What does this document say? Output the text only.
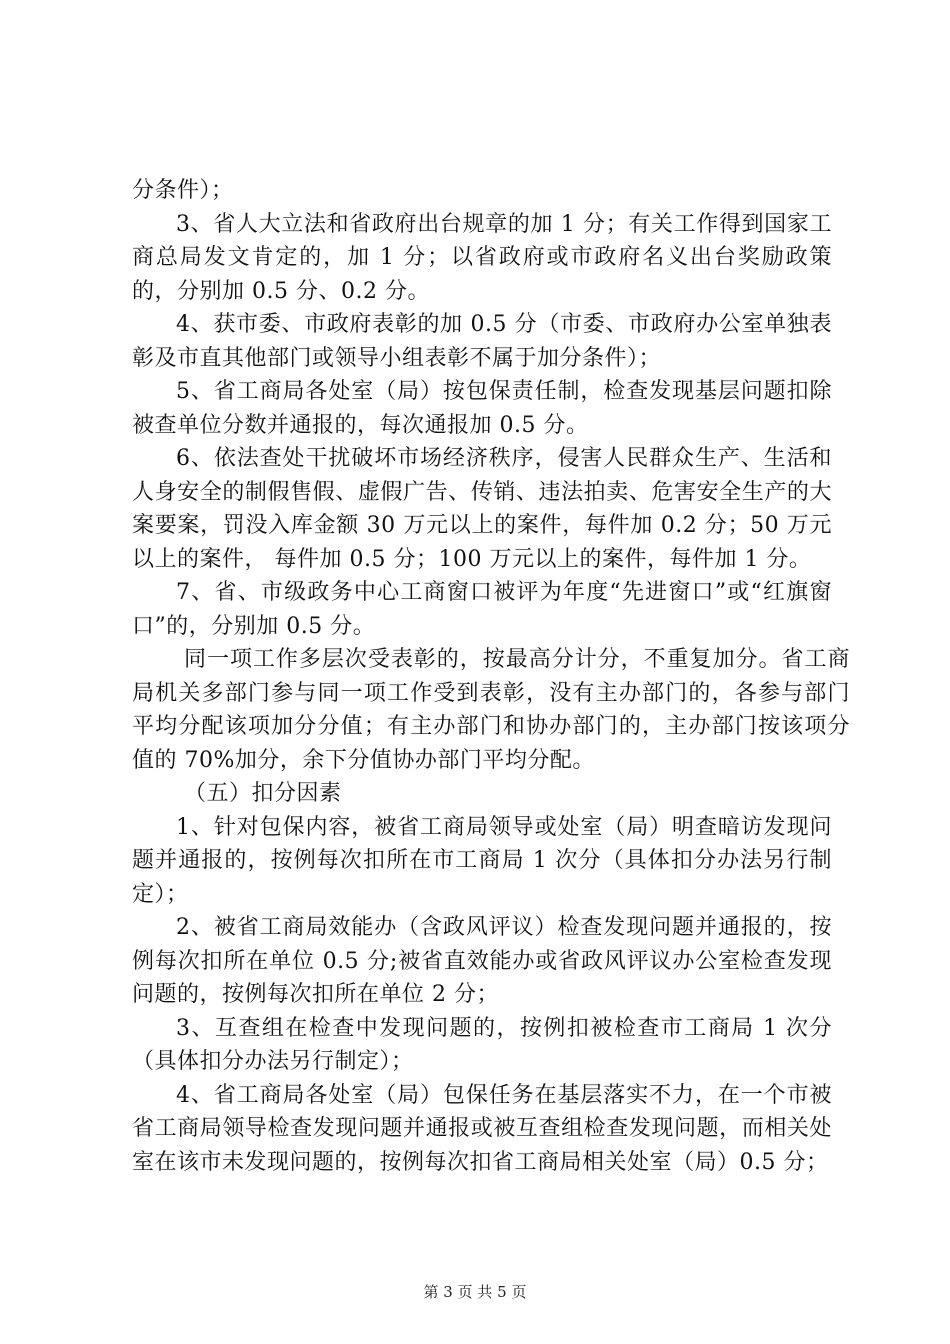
分条件）；

3、省人大立法和省政府出台规章的加 1 分；有关工作得到国家工商总局发文肯定的，加 1 分；以省政府或市政府名义出台奖励政策的，分别加 0.5 分、0.2 分。

4、获市委、市政府表彰的加 0.5 分（市委、市政府办公室单独表彰及市直其他部门或领导小组表彰不属于加分条件）；

5、省工商局各处室（局）按包保责任制，检查发现基层问题扣除被查单位分数并通报的，每次通报加 0.5 分。

6、依法查处干扰破坏市场经济秩序，侵害人民群众生产、生活和人身安全的制假售假、虚假广告、传销、违法拍卖、危害安全生产的大案要案，罚没入库金额 30 万元以上的案件，每件加 0.2 分；50 万元以上的案件， 每件加 0.5 分；100 万元以上的案件，每件加 1 分。

7、省、市级政务中心工商窗口被评为年度“先进窗口”或“红旗窗口”的，分别加 0.5 分。

同一项工作多层次受表彰的，按最高分计分，不重复加分。省工商局机关多部门参与同一项工作受到表彰，没有主办部门的，各参与部门平均分配该项加分分值；有主办部门和协办部门的，主办部门按该项分值的 70%加分，余下分值协办部门平均分配。

（五）扣分因素

1、针对包保内容，被省工商局领导或处室（局）明查暗访发现问题并通报的，按例每次扣所在市工商局 1 次分（具体扣分办法另行制定）；

2、被省工商局效能办（含政风评议）检查发现问题并通报的，按例每次扣所在单位 0.5 分;被省直效能办或省政风评议办公室检查发现问题的，按例每次扣所在单位 2 分；

3、互查组在检查中发现问题的，按例扣被检查市工商局 1 次分（具体扣分办法另行制定）；

4、省工商局各处室（局）包保任务在基层落实不力，在一个市被省工商局领导检查发现问题并通报或被互查组检查发现问题，而相关处室在该市未发现问题的，按例每次扣省工商局相关处室（局）0.5 分；

第 3 页 共 5 页
